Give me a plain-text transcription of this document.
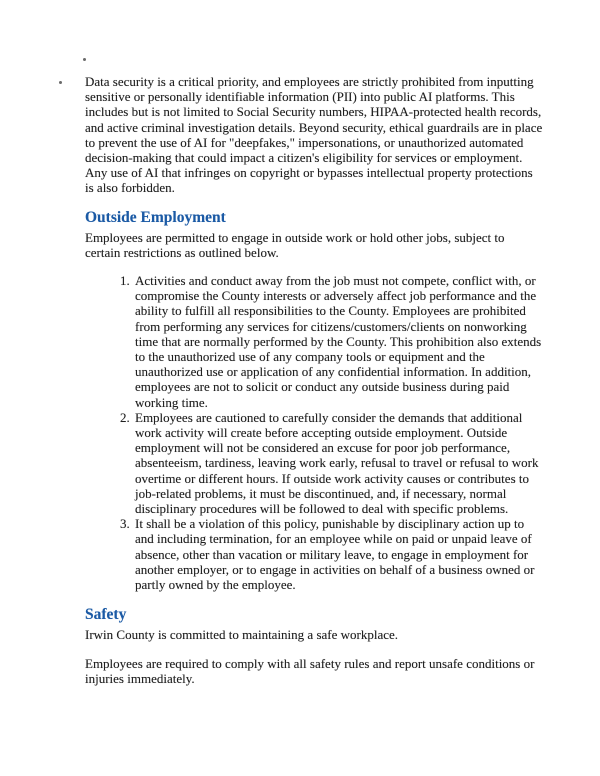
Data security is a critical priority, and employees are strictly prohibited from inputting sensitive or personally identifiable information (PII) into public AI platforms. This includes but is not limited to Social Security numbers, HIPAA-protected health records, and active criminal investigation details. Beyond security, ethical guardrails are in place to prevent the use of AI for "deepfakes," impersonations, or unauthorized automated decision-making that could impact a citizen's eligibility for services or employment. Any use of AI that infringes on copyright or bypasses intellectual property protections is also forbidden.

Outside Employment

Employees are permitted to engage in outside work or hold other jobs, subject to certain restrictions as outlined below.

1. Activities and conduct away from the job must not compete, conflict with, or compromise the County interests or adversely affect job performance and the ability to fulfill all responsibilities to the County. Employees are prohibited from performing any services for citizens/customers/clients on nonworking time that are normally performed by the County. This prohibition also extends to the unauthorized use of any company tools or equipment and the unauthorized use or application of any confidential information. In addition, employees are not to solicit or conduct any outside business during paid working time.
2. Employees are cautioned to carefully consider the demands that additional work activity will create before accepting outside employment. Outside employment will not be considered an excuse for poor job performance, absenteeism, tardiness, leaving work early, refusal to travel or refusal to work overtime or different hours. If outside work activity causes or contributes to job-related problems, it must be discontinued, and, if necessary, normal disciplinary procedures will be followed to deal with specific problems.
3. It shall be a violation of this policy, punishable by disciplinary action up to and including termination, for an employee while on paid or unpaid leave of absence, other than vacation or military leave, to engage in employment for another employer, or to engage in activities on behalf of a business owned or partly owned by the employee.
Safety

Irwin County is committed to maintaining a safe workplace.

Employees are required to comply with all safety rules and report unsafe conditions or injuries immediately.
